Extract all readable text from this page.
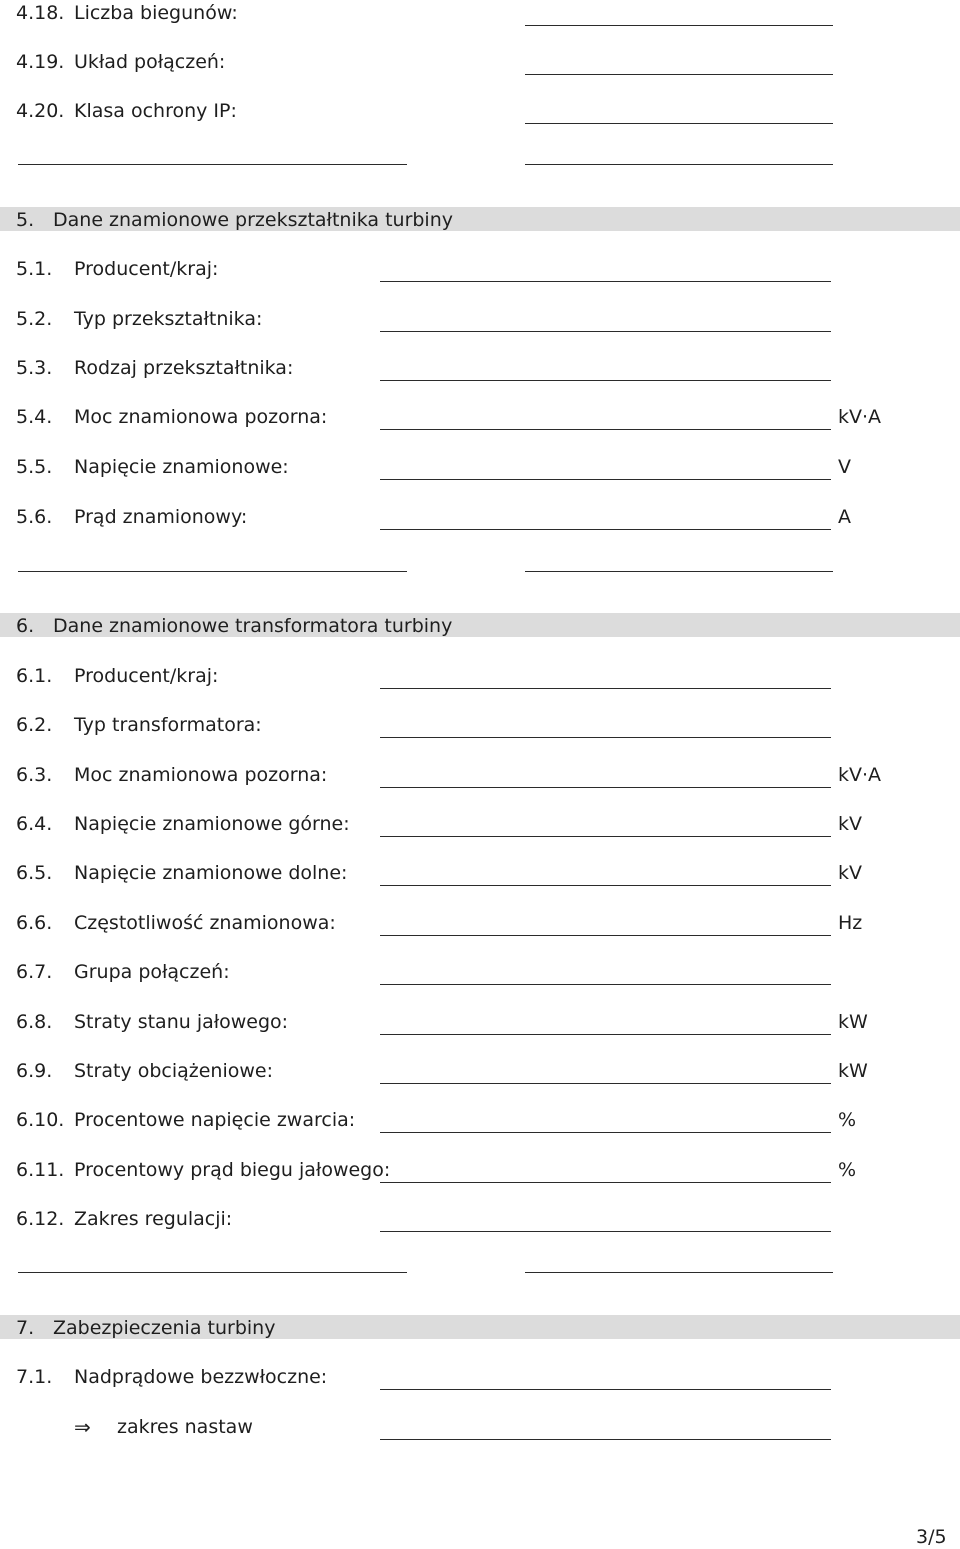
4.18. Liczba biegunów:
4.19. Układ połączeń:
4.20. Klasa ochrony IP:
5. Dane znamionowe przekształtnika turbiny
5.1. Producent/kraj:
5.2. Typ przekształtnika:
5.3. Rodzaj przekształtnika:
5.4. Moc znamionowa pozorna:	kV·A
5.5. Napięcie znamionowe:	V
5.6. Prąd znamionowy:	A
6. Dane znamionowe transformatora turbiny
6.1. Producent/kraj:
6.2. Typ transformatora:
6.3. Moc znamionowa pozorna:	kV·A
6.4. Napięcie znamionowe górne:	kV
6.5. Napięcie znamionowe dolne:	kV
6.6. Częstotliwość znamionowa:	Hz
6.7. Grupa połączeń:
6.8. Straty stanu jałowego:	kW
6.9. Straty obciążeniowe:	kW
6.10. Procentowe napięcie zwarcia:	%
6.11. Procentowy prąd biegu jałowego:	%
6.12. Zakres regulacji:
7. Zabezpieczenia turbiny
7.1. Nadprądowe bezzwłoczne:
⇒ zakres nastaw
3/5
